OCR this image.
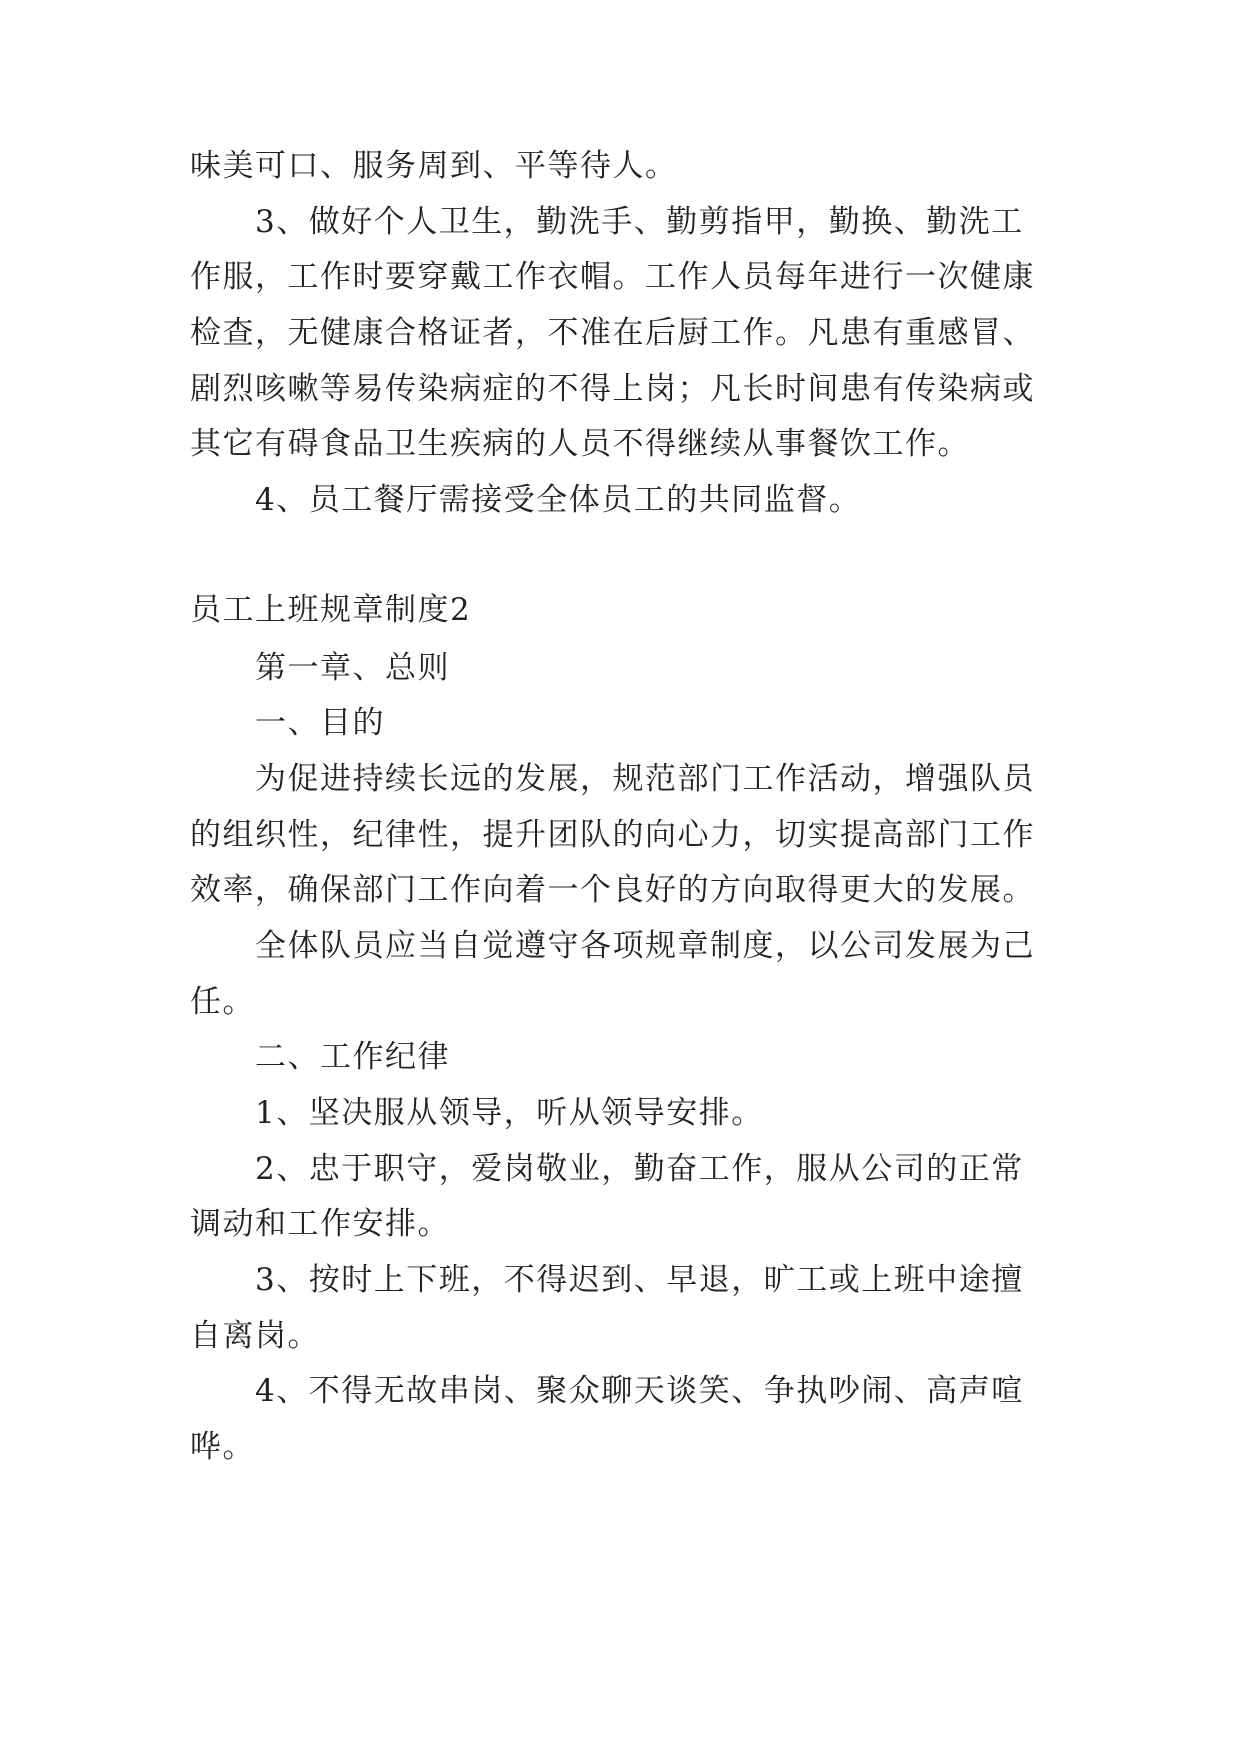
味美可口、服务周到、平等待人。
3、做好个人卫生，勤洗手、勤剪指甲，勤换、勤洗工
作服，工作时要穿戴工作衣帽。工作人员每年进行一次健康
检查，无健康合格证者，不准在后厨工作。凡患有重感冒、
剧烈咳嗽等易传染病症的不得上岗；凡长时间患有传染病或
其它有碍食品卫生疾病的人员不得继续从事餐饮工作。
4、员工餐厅需接受全体员工的共同监督。
员工上班规章制度2
第一章、总则
一、目的
为促进持续长远的发展，规范部门工作活动，增强队员
的组织性，纪律性，提升团队的向心力，切实提高部门工作
效率，确保部门工作向着一个良好的方向取得更大的发展。
全体队员应当自觉遵守各项规章制度，以公司发展为己
任。
二、工作纪律
1、坚决服从领导，听从领导安排。
2、忠于职守，爱岗敬业，勤奋工作，服从公司的正常
调动和工作安排。
3、按时上下班，不得迟到、早退，旷工或上班中途擅
自离岗。
4、不得无故串岗、聚众聊天谈笑、争执吵闹、高声喧
哗。
